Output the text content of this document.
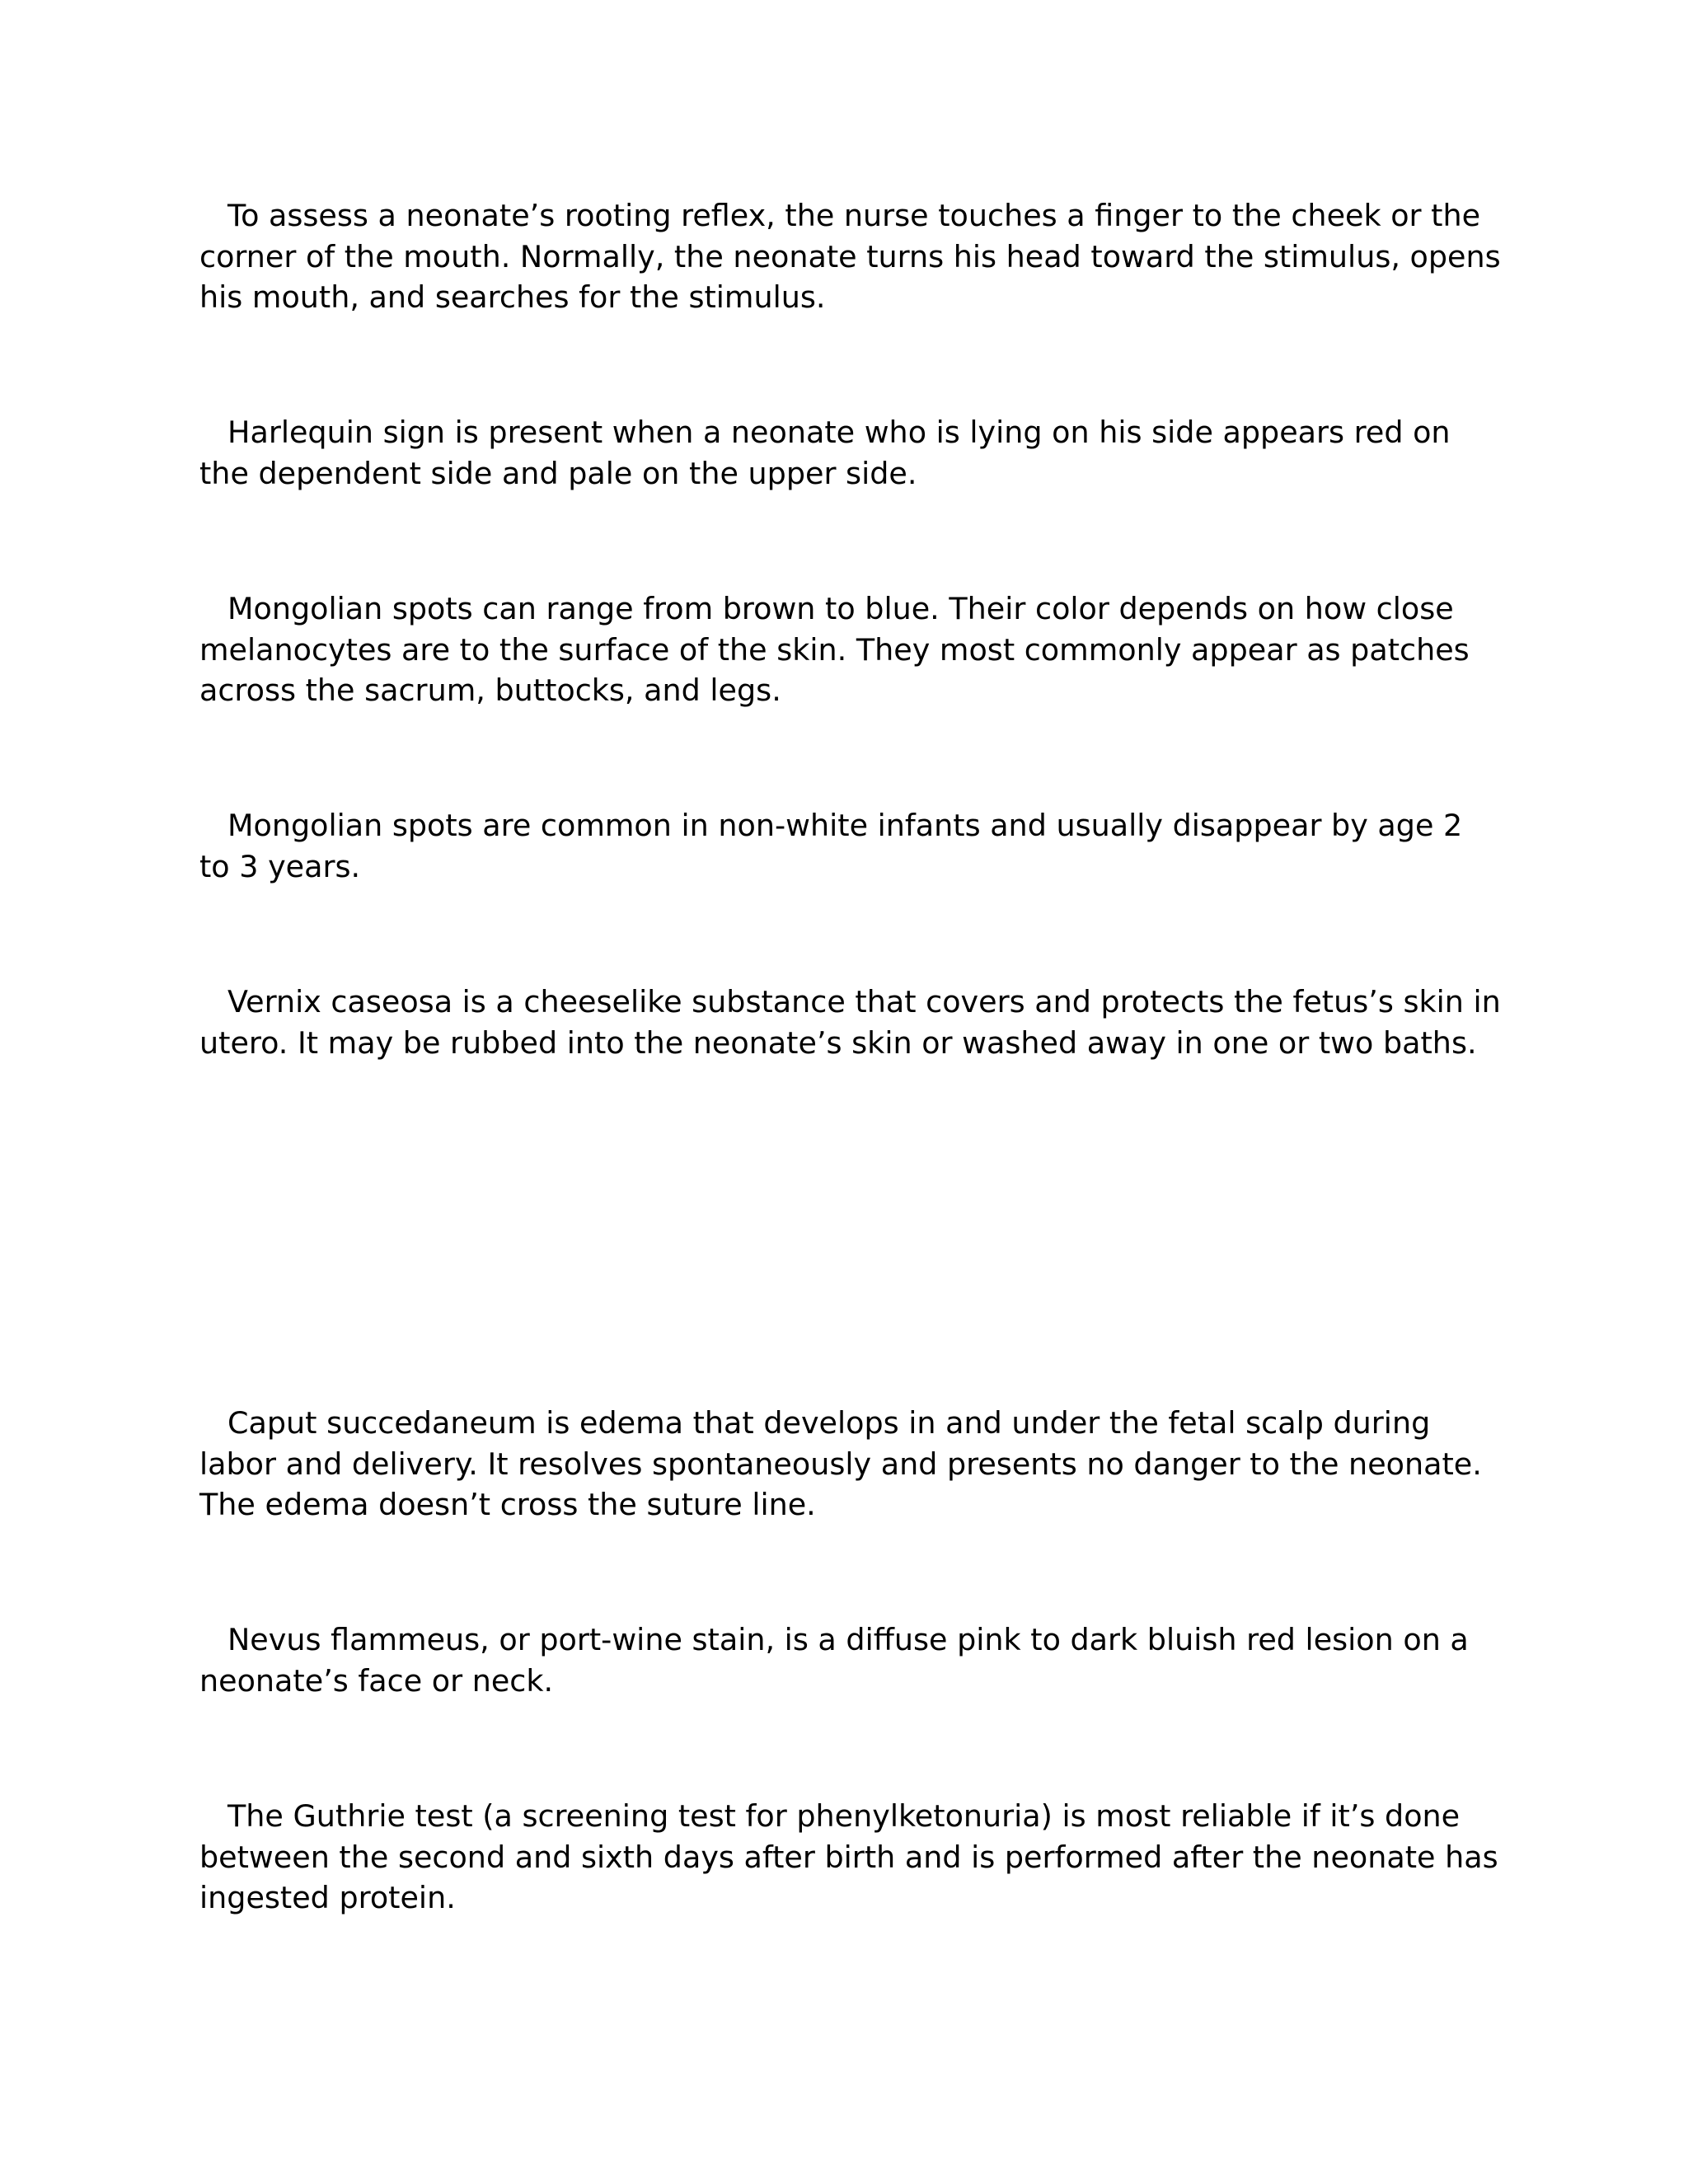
To assess a neonate’s rooting reflex, the nurse touches a finger to the cheek or the corner of the mouth. Normally, the neonate turns his head toward the stimulus, opens his mouth, and searches for the stimulus.

Harlequin sign is present when a neonate who is lying on his side appears red on the dependent side and pale on the upper side.

Mongolian spots can range from brown to blue. Their color depends on how close melanocytes are to the surface of the skin. They most commonly appear as patches across the sacrum, buttocks, and legs.

Mongolian spots are common in non-white infants and usually disappear by age 2 to 3 years.

Vernix caseosa is a cheeselike substance that covers and protects the fetus’s skin in utero. It may be rubbed into the neonate’s skin or washed away in one or two baths.

Caput succedaneum is edema that develops in and under the fetal scalp during labor and delivery. It resolves spontaneously and presents no danger to the neonate. The edema doesn’t cross the suture line.

Nevus flammeus, or port-wine stain, is a diffuse pink to dark bluish red lesion on a neonate’s face or neck.

The Guthrie test (a screening test for phenylketonuria) is most reliable if it’s done between the second and sixth days after birth and is performed after the neonate has ingested protein.
